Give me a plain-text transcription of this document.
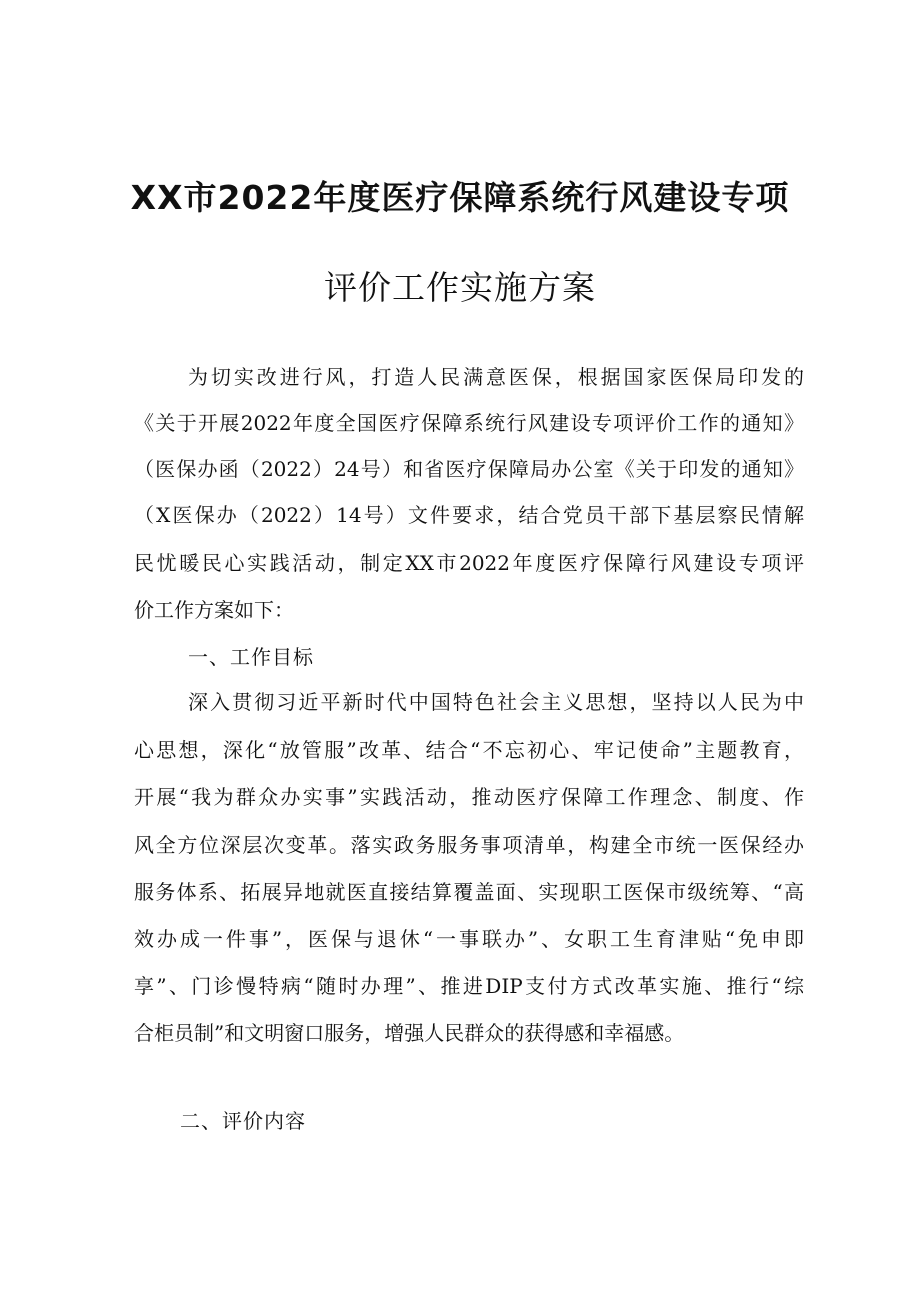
XX市2022年度医疗保障系统行风建设专项
评价工作实施方案
为切实改进行风，打造人民满意医保，根据国家医保局印发的
《关于开展2022年度全国医疗保障系统行风建设专项评价工作的通知》
（医保办函（2022）24号）和省医疗保障局办公室《关于印发的通知》
（X医保办（2022）14号）文件要求，结合党员干部下基层察民情解
民忧暖民心实践活动，制定XX市2022年度医疗保障行风建设专项评
价工作方案如下：
一、工作目标
深入贯彻习近平新时代中国特色社会主义思想，坚持以人民为中
心思想，深化“放管服”改革、结合“不忘初心、牢记使命”主题教育，
开展“我为群众办实事”实践活动，推动医疗保障工作理念、制度、作
风全方位深层次变革。落实政务服务事项清单，构建全市统一医保经办
服务体系、拓展异地就医直接结算覆盖面、实现职工医保市级统筹、“高
效办成一件事”，医保与退休“一事联办”、女职工生育津贴“免申即
享”、门诊慢特病“随时办理”、推进DIP支付方式改革实施、推行“综
合柜员制”和文明窗口服务，增强人民群众的获得感和幸福感。
二、评价内容
